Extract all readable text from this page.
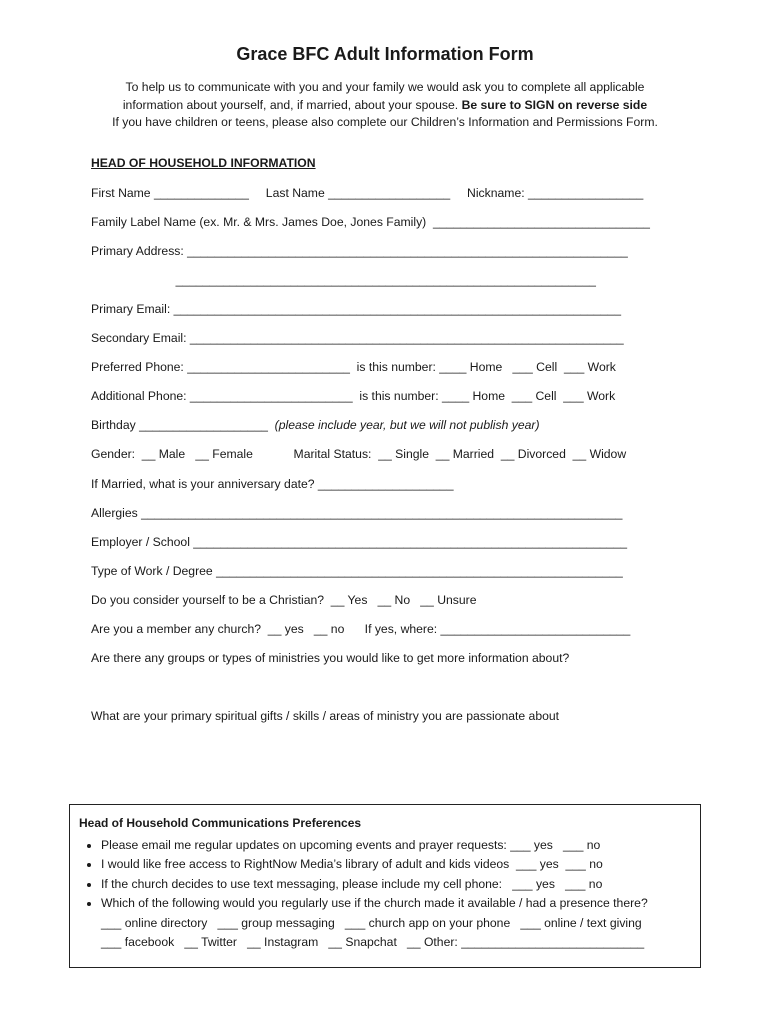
Grace BFC Adult Information Form
To help us to communicate with you and your family we would ask you to complete all applicable
information about yourself, and, if married, about your spouse. Be sure to SIGN on reverse side
If you have children or teens, please also complete our Children’s Information and Permissions Form.
HEAD OF HOUSEHOLD INFORMATION
First Name ______________     Last Name __________________     Nickname: _________________
Family Label Name (ex. Mr. & Mrs. James Doe, Jones Family)  ________________________________
Primary Address: _________________________________________________________________
______________________________________________________________
Primary Email: __________________________________________________________________
Secondary Email: ________________________________________________________________
Preferred Phone: ________________________  is this number: ____ Home   ___ Cell  ___ Work
Additional Phone: ________________________  is this number: ____ Home  ___ Cell  ___ Work
Birthday ___________________  (please include year, but we will not publish year)
Gender:  __ Male   __ Female            Marital Status:  __ Single  __ Married  __ Divorced  __ Widow
If Married, what is your anniversary date? ____________________
Allergies _______________________________________________________________________
Employer / School ________________________________________________________________
Type of Work / Degree ____________________________________________________________
Do you consider yourself to be a Christian?  __ Yes   __ No   __ Unsure
Are you a member any church?  __ yes   __ no      If yes, where: ____________________________
Are there any groups or types of ministries you would like to get more information about?
What are your primary spiritual gifts / skills / areas of ministry you are passionate about
Head of Household Communications Preferences
• Please email me regular updates on upcoming events and prayer requests: ___ yes   ___ no
• I would like free access to RightNow Media’s library of adult and kids videos  ___ yes  ___ no
• If the church decides to use text messaging, please include my cell phone:   ___ yes   ___ no
• Which of the following would you regularly use if the church made it available / had a presence there?
___ online directory   ___ group messaging   ___ church app on your phone   ___ online / text giving
___ facebook   __ Twitter   __ Instagram   __ Snapchat   __ Other: ___________________________
